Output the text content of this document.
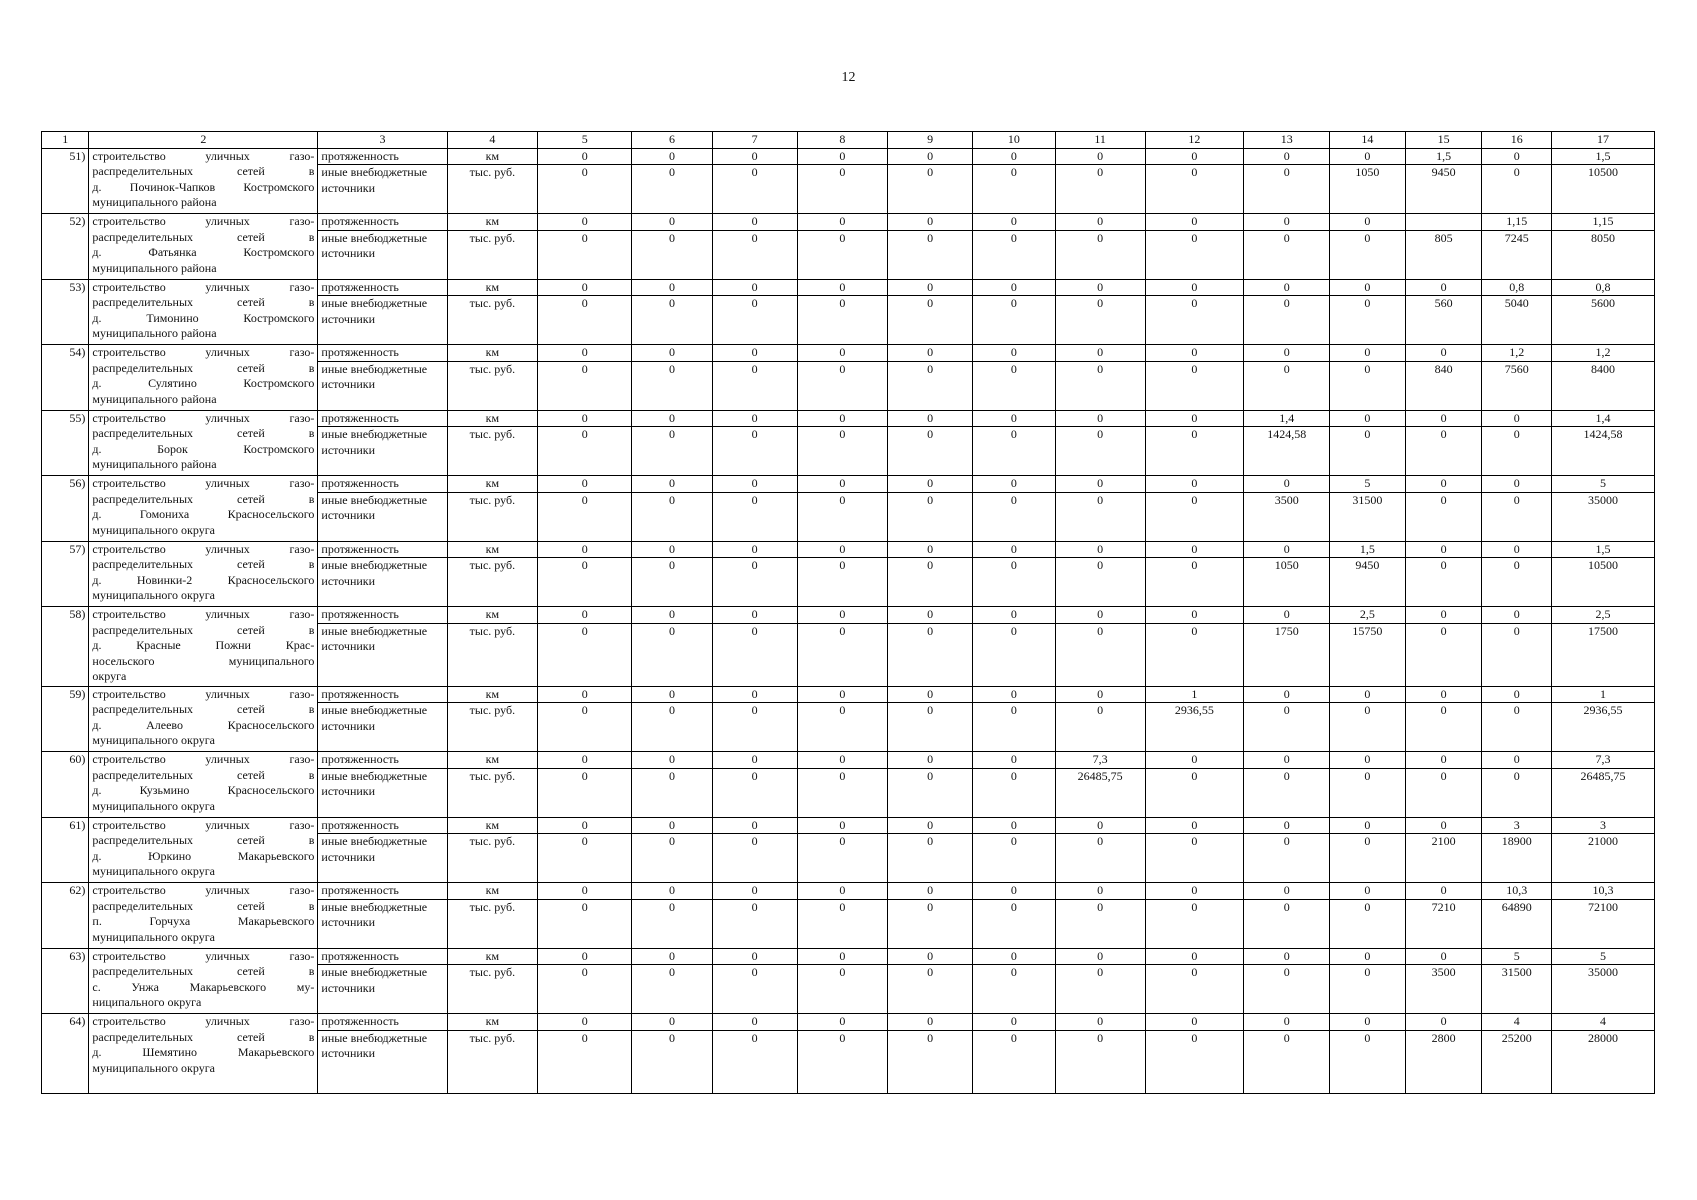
12
1	2	3	4	5	6	7	8	9	10	11	12	13	14	15	16	17
51)	строительство уличных газо-
распределительных сетей в
д. Починок-Чапков Костромского
муниципального района	протяженность	км	0	0	0	0	0	0	0	0	0	0	1,5	0	1,5
		иные внебюджетные источники	тыс. руб.	0	0	0	0	0	0	0	0	0	1050	9450	0	10500
52)	строительство уличных газо-
распределительных сетей в
д. Фатьянка Костромского
муниципального района	протяженность	км	0	0	0	0	0	0	0	0	0	0		1,15	1,15
		иные внебюджетные источники	тыс. руб.	0	0	0	0	0	0	0	0	0	0	805	7245	8050
53)	строительство уличных газо-
распределительных сетей в
д. Тимонино Костромского
муниципального района	протяженность	км	0	0	0	0	0	0	0	0	0	0	0	0,8	0,8
		иные внебюджетные источники	тыс. руб.	0	0	0	0	0	0	0	0	0	0	560	5040	5600
54)	строительство уличных газо-
распределительных сетей в
д. Сулятино Костромского
муниципального района	протяженность	км	0	0	0	0	0	0	0	0	0	0	0	1,2	1,2
		иные внебюджетные источники	тыс. руб.	0	0	0	0	0	0	0	0	0	0	840	7560	8400
55)	строительство уличных газо-
распределительных сетей в
д. Борок Костромского
муниципального района	протяженность	км	0	0	0	0	0	0	0	0	1,4	0	0	0	1,4
		иные внебюджетные источники	тыс. руб.	0	0	0	0	0	0	0	0	1424,58	0	0	0	1424,58
56)	строительство уличных газо-
распределительных сетей в
д. Гомониха Красносельского
муниципального округа	протяженность	км	0	0	0	0	0	0	0	0	0	5	0	0	5
		иные внебюджетные источники	тыс. руб.	0	0	0	0	0	0	0	0	3500	31500	0	0	35000
57)	строительство уличных газо-
распределительных сетей в
д. Новинки-2 Красносельского
муниципального округа	протяженность	км	0	0	0	0	0	0	0	0	0	1,5	0	0	1,5
		иные внебюджетные источники	тыс. руб.	0	0	0	0	0	0	0	0	1050	9450	0	0	10500
58)	строительство уличных газо-
распределительных сетей в
д. Красные Пожни Крас-
носельского муниципального
округа	протяженность	км	0	0	0	0	0	0	0	0	0	2,5	0	0	2,5
		иные внебюджетные источники	тыс. руб.	0	0	0	0	0	0	0	0	1750	15750	0	0	17500
59)	строительство уличных газо-
распределительных сетей в
д. Алеево Красносельского
муниципального округа	протяженность	км	0	0	0	0	0	0	0	1	0	0	0	0	1
		иные внебюджетные источники	тыс. руб.	0	0	0	0	0	0	0	2936,55	0	0	0	0	2936,55
60)	строительство уличных газо-
распределительных сетей в
д. Кузьмино Красносельского
муниципального округа	протяженность	км	0	0	0	0	0	0	7,3	0	0	0	0	0	7,3
		иные внебюджетные источники	тыс. руб.	0	0	0	0	0	0	26485,75	0	0	0	0	0	26485,75
61)	строительство уличных газо-
распределительных сетей в
д. Юркино Макарьевского
муниципального округа	протяженность	км	0	0	0	0	0	0	0	0	0	0	0	3	3
		иные внебюджетные источники	тыс. руб.	0	0	0	0	0	0	0	0	0	0	2100	18900	21000
62)	строительство уличных газо-
распределительных сетей в
п. Горчуха Макарьевского
муниципального округа	протяженность	км	0	0	0	0	0	0	0	0	0	0	0	10,3	10,3
		иные внебюджетные источники	тыс. руб.	0	0	0	0	0	0	0	0	0	0	7210	64890	72100
63)	строительство уличных газо-
распределительных сетей в
с. Унжа Макарьевского му-
ниципального округа	протяженность	км	0	0	0	0	0	0	0	0	0	0	0	5	5
		иные внебюджетные источники	тыс. руб.	0	0	0	0	0	0	0	0	0	0	3500	31500	35000
64)	строительство уличных газо-
распределительных сетей в
д. Шемятино Макарьевского
муниципального округа	протяженность	км	0	0	0	0	0	0	0	0	0	0	0	4	4
		иные внебюджетные источники	тыс. руб.	0	0	0	0	0	0	0	0	0	0	2800	25200	28000
